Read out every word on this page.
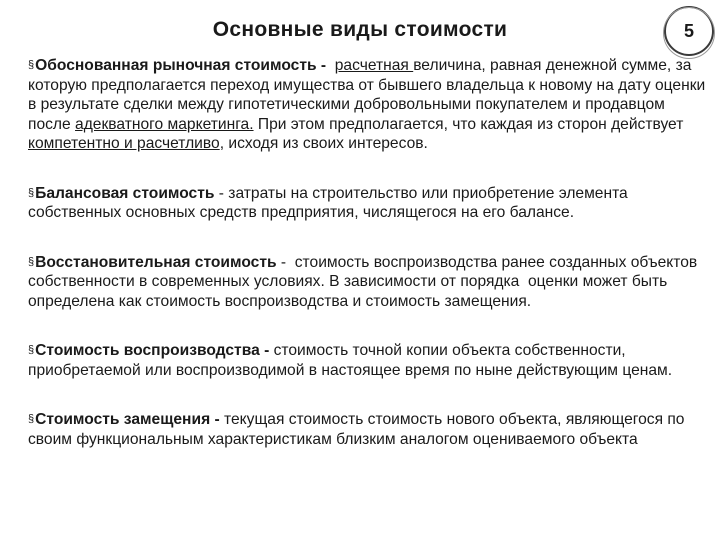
Основные виды стоимости	5
§Обоснованная рыночная стоимость - расчетная величина, равная денежной сумме, за которую предполагается переход имущества от бывшего владельца к новому на дату оценки в результате сделки между гипотетическими добровольными покупателем и продавцом после адекватного маркетинга. При этом предполагается, что каждая из сторон действует компетентно и расчетливо, исходя из своих интересов.
§Балансовая стоимость - затраты на строительство или приобретение элемента собственных основных средств предприятия, числящегося на его балансе.
§Восстановительная стоимость -  стоимость воспроизводства ранее созданных объектов собственности в современных условиях. В зависимости от порядка  оценки может быть определена как стоимость воспроизводства и стоимость замещения.
§Стоимость воспроизводства - стоимость точной копии объекта собственности, приобретаемой или воспроизводимой в настоящее время по ныне действующим ценам.
§Стоимость замещения - текущая стоимость стоимость нового объекта, являющегося по своим функциональным характеристикам близким аналогом оцениваемого объекта
